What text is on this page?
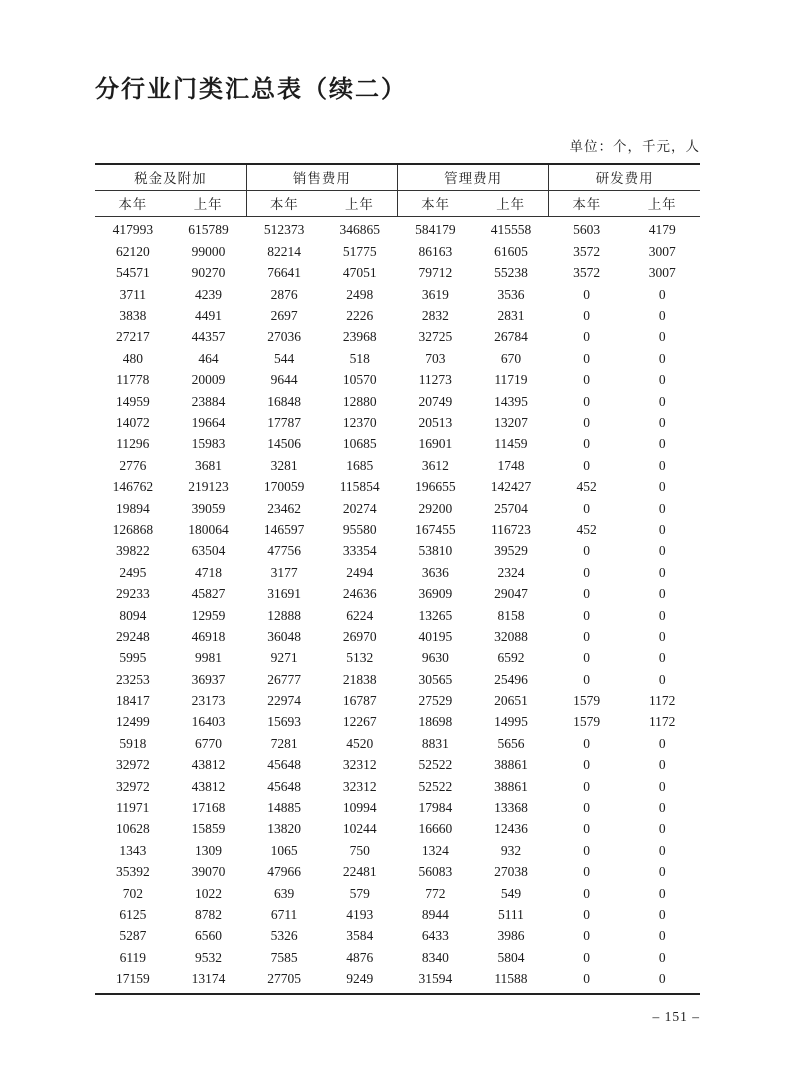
分行业门类汇总表（续二）
单位：个，千元，人
税金及附加		销售费用		管理费用		研发费用	
本年	上年	本年	上年	本年	上年	本年	上年
417993	615789	512373	346865	584179	415558	5603	4179
62120	99000	82214	51775	86163	61605	3572	3007
54571	90270	76641	47051	79712	55238	3572	3007
3711	4239	2876	2498	3619	3536	0	0
3838	4491	2697	2226	2832	2831	0	0
27217	44357	27036	23968	32725	26784	0	0
480	464	544	518	703	670	0	0
11778	20009	9644	10570	11273	11719	0	0
14959	23884	16848	12880	20749	14395	0	0
14072	19664	17787	12370	20513	13207	0	0
11296	15983	14506	10685	16901	11459	0	0
2776	3681	3281	1685	3612	1748	0	0
146762	219123	170059	115854	196655	142427	452	0
19894	39059	23462	20274	29200	25704	0	0
126868	180064	146597	95580	167455	116723	452	0
39822	63504	47756	33354	53810	39529	0	0
2495	4718	3177	2494	3636	2324	0	0
29233	45827	31691	24636	36909	29047	0	0
8094	12959	12888	6224	13265	8158	0	0
29248	46918	36048	26970	40195	32088	0	0
5995	9981	9271	5132	9630	6592	0	0
23253	36937	26777	21838	30565	25496	0	0
18417	23173	22974	16787	27529	20651	1579	1172
12499	16403	15693	12267	18698	14995	1579	1172
5918	6770	7281	4520	8831	5656	0	0
32972	43812	45648	32312	52522	38861	0	0
32972	43812	45648	32312	52522	38861	0	0
11971	17168	14885	10994	17984	13368	0	0
10628	15859	13820	10244	16660	12436	0	0
1343	1309	1065	750	1324	932	0	0
35392	39070	47966	22481	56083	27038	0	0
702	1022	639	579	772	549	0	0
6125	8782	6711	4193	8944	5111	0	0
5287	6560	5326	3584	6433	3986	0	0
6119	9532	7585	4876	8340	5804	0	0
17159	13174	27705	9249	31594	11588	0	0
– 151 –
